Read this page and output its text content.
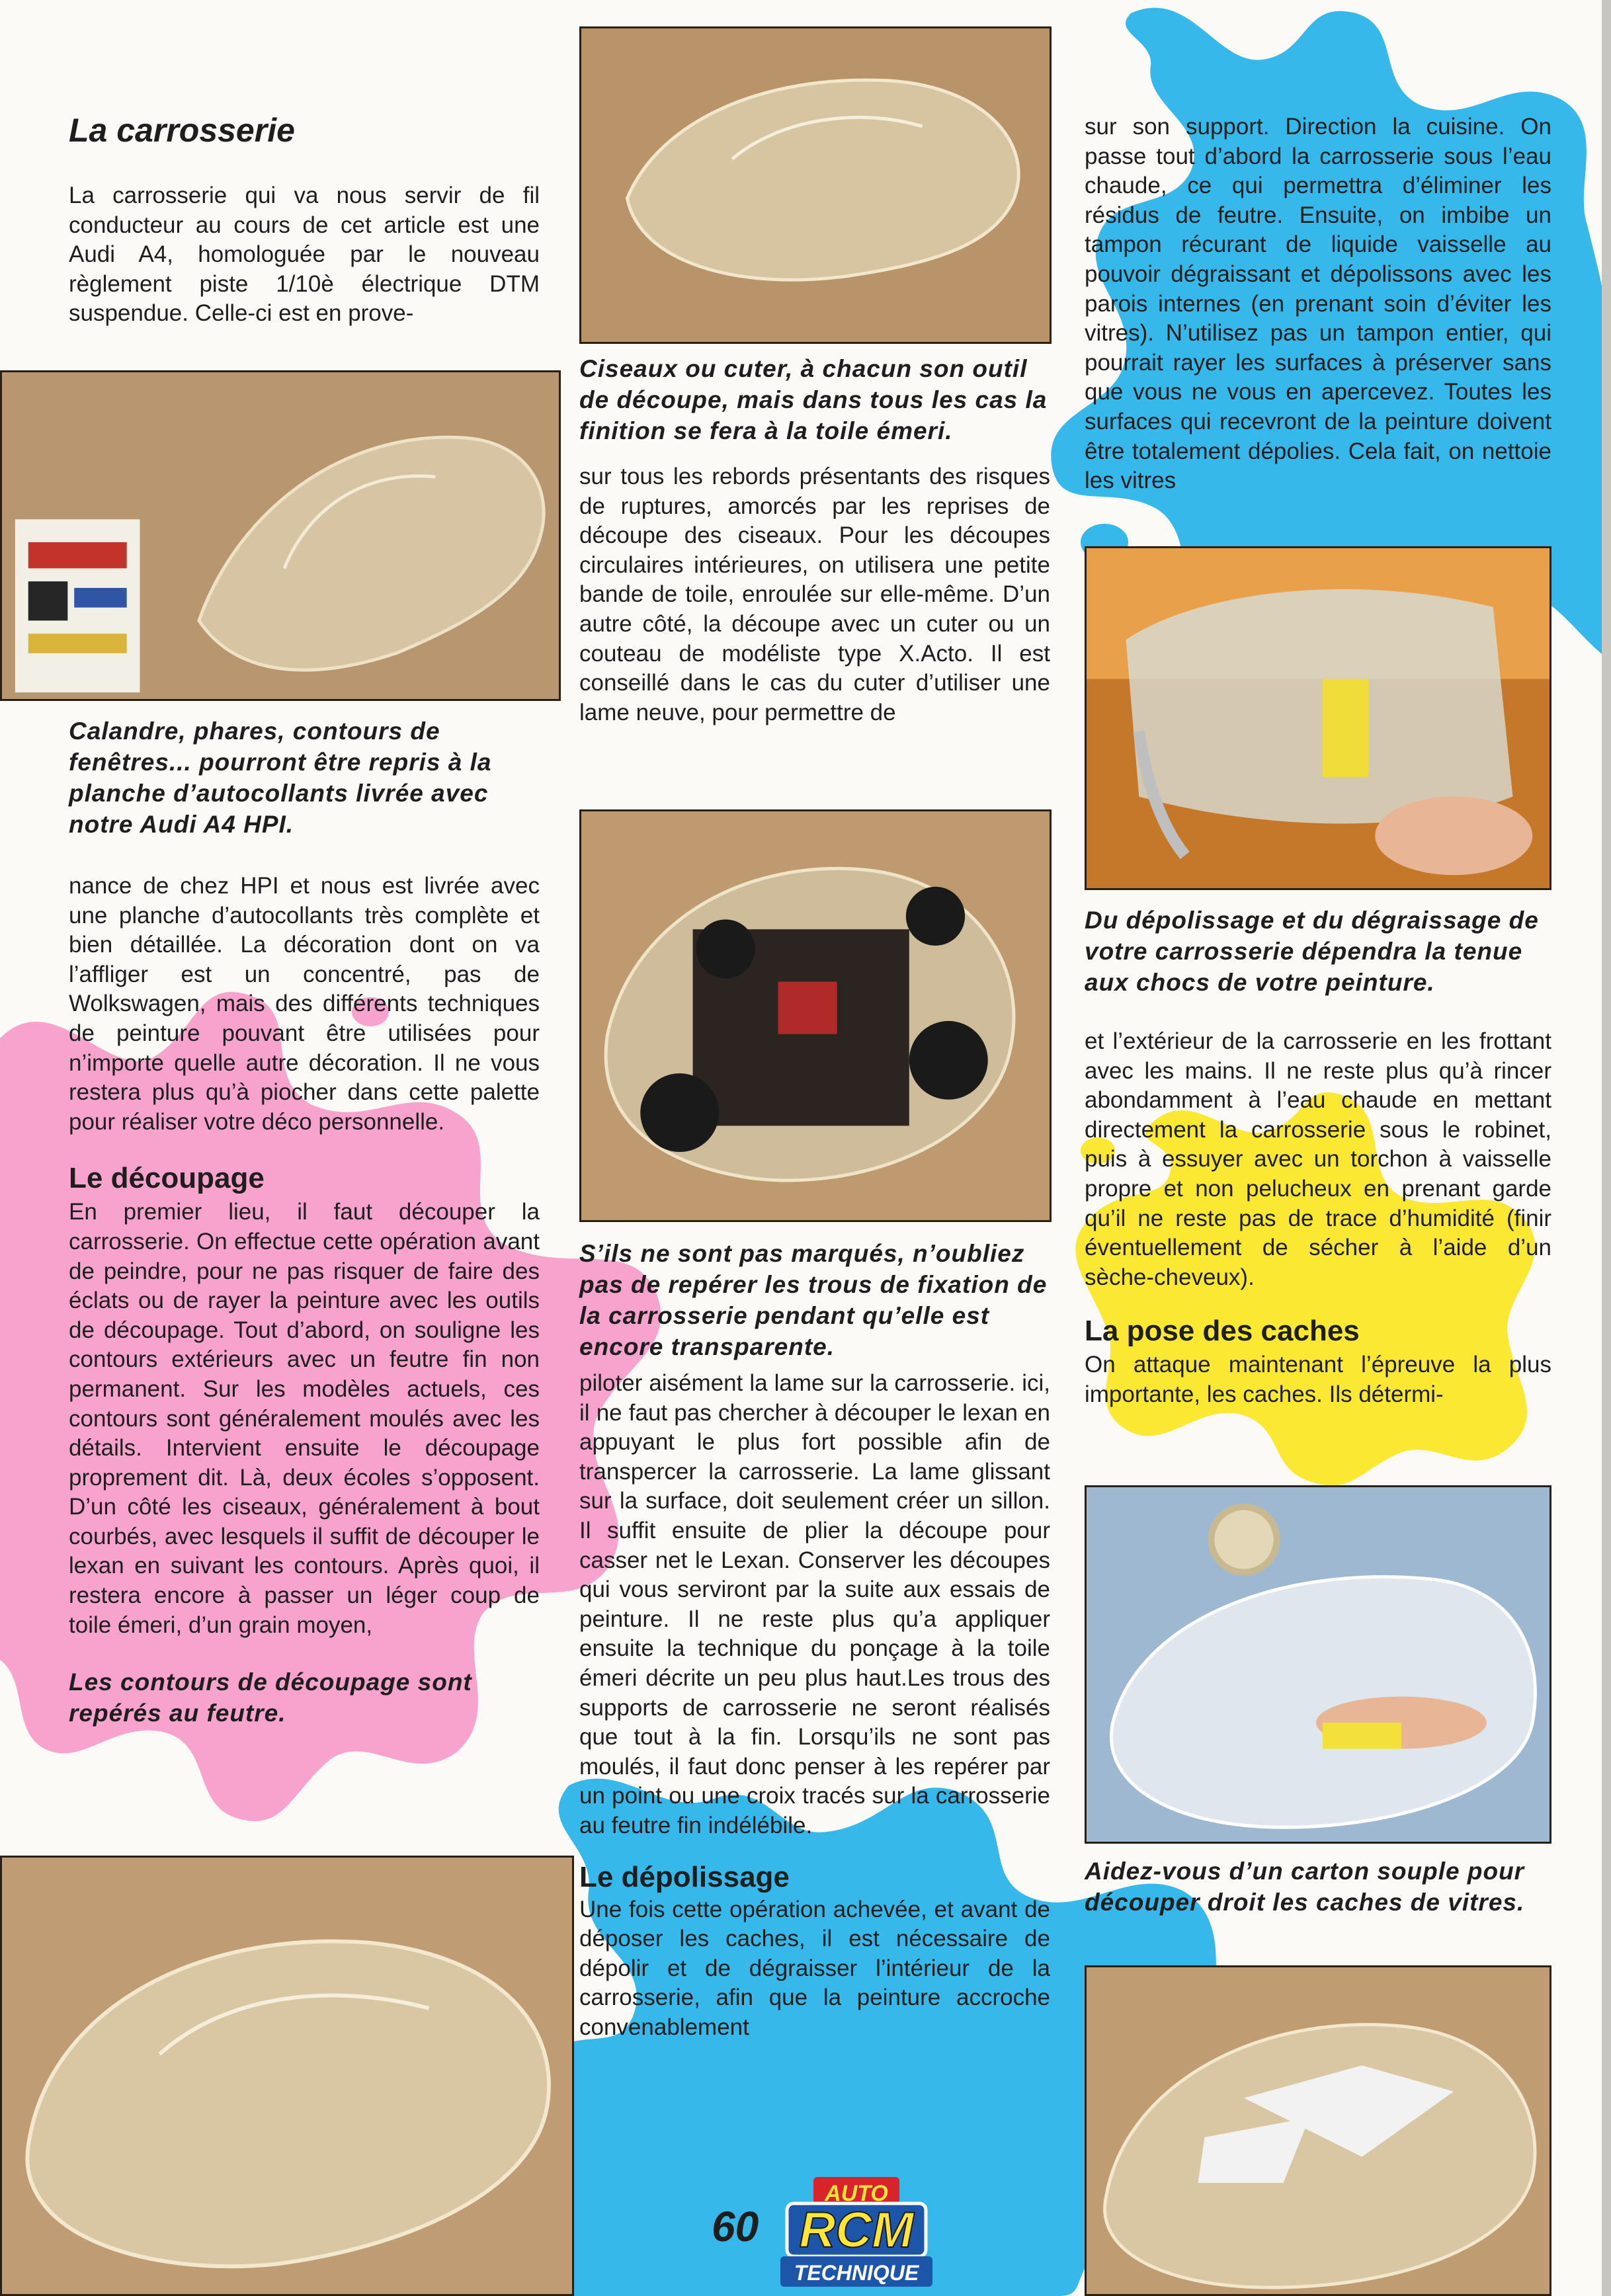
La carrosserie

La carrosserie qui va nous servir de fil conducteur au cours de cet article est une Audi A4, homologuée par le nouveau règlement piste 1/10è électrique DTM suspendue. Celle-ci est en prove-

Calandre, phares, contours de fenêtres... pourront être repris à la planche d’autocollants livrée avec notre Audi A4 HPI.

nance de chez HPI et nous est livrée avec une planche d’autocollants très complète et bien détaillée. La décoration dont on va l’affliger est un concentré, pas de Wolkswagen, mais des différents techniques de peinture pouvant être utilisées pour n’importe quelle autre décoration. Il ne vous restera plus qu’à piocher dans cette palette pour réaliser votre déco personnelle.

Le découpage

En premier lieu, il faut découper la carrosserie. On effectue cette opération avant de peindre, pour ne pas risquer de faire des éclats ou de rayer la peinture avec les outils de découpage. Tout d’abord, on souligne les contours extérieurs avec un feutre fin non permanent. Sur les modèles actuels, ces contours sont généralement moulés avec les détails. Intervient ensuite le découpage proprement dit. Là, deux écoles s’opposent. D’un côté les ciseaux, généralement à bout courbés, avec lesquels il suffit de découper le lexan en suivant les contours. Après quoi, il restera encore à passer un léger coup de toile émeri, d’un grain moyen,

Les contours de découpage sont repérés au feutre.

Ciseaux ou cuter, à chacun son outil de découpe, mais dans tous les cas la finition se fera à la toile émeri.

sur tous les rebords présentants des risques de ruptures, amorcés par les reprises de découpe des ciseaux. Pour les découpes circulaires intérieures, on utilisera une petite bande de toile, enroulée sur elle-même. D’un autre côté, la découpe avec un cuter ou un couteau de modéliste type X.Acto. Il est conseillé dans le cas du cuter d’utiliser une lame neuve, pour permettre de

S’ils ne sont pas marqués, n’oubliez pas de repérer les trous de fixation de la carrosserie pendant qu’elle est encore transparente.

piloter aisément la lame sur la carrosserie. ici, il ne faut pas chercher à découper le lexan en appuyant le plus fort possible afin de transpercer la carrosserie. La lame glissant sur la surface, doit seulement créer un sillon. Il suffit ensuite de plier la découpe pour casser net le Lexan. Conserver les découpes qui vous serviront par la suite aux essais de peinture. Il ne reste plus qu’a appliquer ensuite la technique du ponçage à la toile émeri décrite un peu plus haut.Les trous des supports de carrosserie ne seront réalisés que tout à la fin. Lorsqu’ils ne sont pas moulés, il faut donc penser à les repérer par un point ou une croix tracés sur la carrosserie au feutre fin indélébile.

Le dépolissage

Une fois cette opération achevée, et avant de déposer les caches, il est nécessaire de dépolir et de dégraisser l’intérieur de la carrosserie, afin que la peinture accroche convenablement

sur son support. Direction la cuisine. On passe tout d’abord la carrosserie sous l’eau chaude, ce qui permettra d’éliminer les résidus de feutre. Ensuite, on imbibe un tampon récurant de liquide vaisselle au pouvoir dégraissant et dépolissons avec les parois internes (en prenant soin d’éviter les vitres). N’utilisez pas un tampon entier, qui pourrait rayer les surfaces à préserver sans que vous ne vous en apercevez. Toutes les surfaces qui recevront de la peinture doivent être totalement dépolies. Cela fait, on nettoie les vitres

Du dépolissage et du dégraissage de votre carrosserie dépendra la tenue aux chocs de votre peinture.

et l’extérieur de la carrosserie en les frottant avec les mains. Il ne reste plus qu’à rincer abondamment à l’eau chaude en mettant directement la carrosserie sous le robinet, puis à essuyer avec un torchon à vaisselle propre et non pelucheux en prenant garde qu’il ne reste pas de trace d’humidité (finir éventuellement de sécher à l’aide d’un sèche-cheveux).

La pose des caches

On attaque maintenant l’épreuve la plus importante, les caches. Ils détermi-

Aidez-vous d’un carton souple pour découper droit les caches de vitres.

60
AUTO
RCM
TECHNIQUE
